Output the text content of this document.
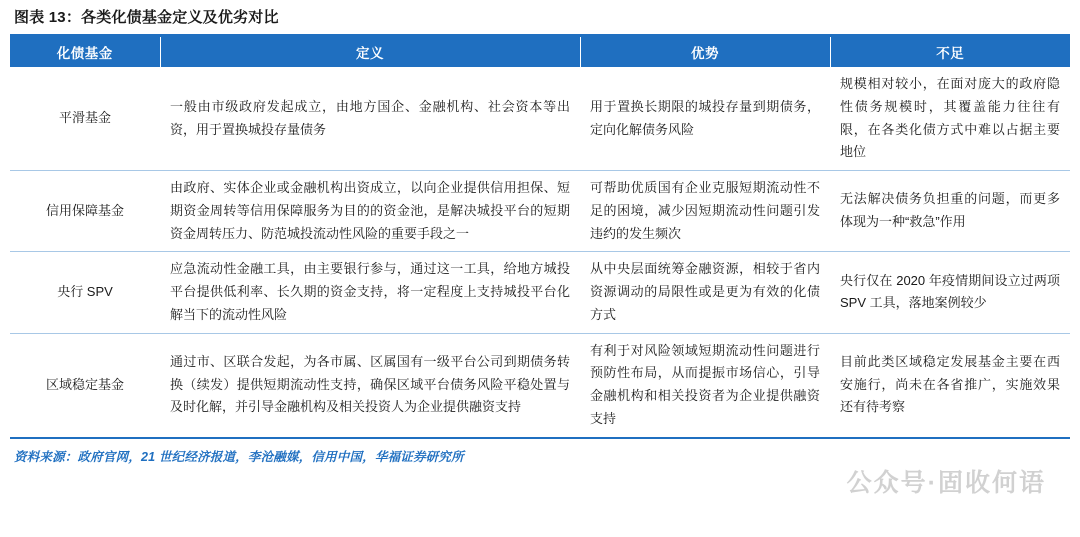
图表 13：各类化债基金定义及优劣对比
化债基金	定义	优势	不足
平滑基金	一般由市级政府发起成立，由地方国企、金融机构、社会资本等出资，用于置换城投存量债务	用于置换长期限的城投存量到期债务，定向化解债务风险	规模相对较小，在面对庞大的政府隐性债务规模时，其覆盖能力往往有限，在各类化债方式中难以占据主要地位
信用保障基金	由政府、实体企业或金融机构出资成立，以向企业提供信用担保、短期资金周转等信用保障服务为目的的资金池，是解决城投平台的短期资金周转压力、防范城投流动性风险的重要手段之一	可帮助优质国有企业克服短期流动性不足的困境，减少因短期流动性问题引发违约的发生频次	无法解决债务负担重的问题，而更多体现为一种“救急”作用
央行 SPV	应急流动性金融工具，由主要银行参与，通过这一工具，给地方城投平台提供低利率、长久期的资金支持，将一定程度上支持城投平台化解当下的流动性风险	从中央层面统筹金融资源，相较于省内资源调动的局限性或是更为有效的化债方式	央行仅在 2020 年疫情期间设立过两项 SPV 工具，落地案例较少
区域稳定基金	通过市、区联合发起，为各市属、区属国有一级平台公司到期债务转换（续发）提供短期流动性支持，确保区域平台债务风险平稳处置与及时化解，并引导金融机构及相关投资人为企业提供融资支持	有利于对风险领域短期流动性问题进行预防性布局，从而提振市场信心，引导金融机构和相关投资者为企业提供融资支持	目前此类区域稳定发展基金主要在西安施行，尚未在各省推广，实施效果还有待考察
资料来源：政府官网，21 世纪经济报道，李沧融媒，信用中国，华福证券研究所
公众号·固收何语
